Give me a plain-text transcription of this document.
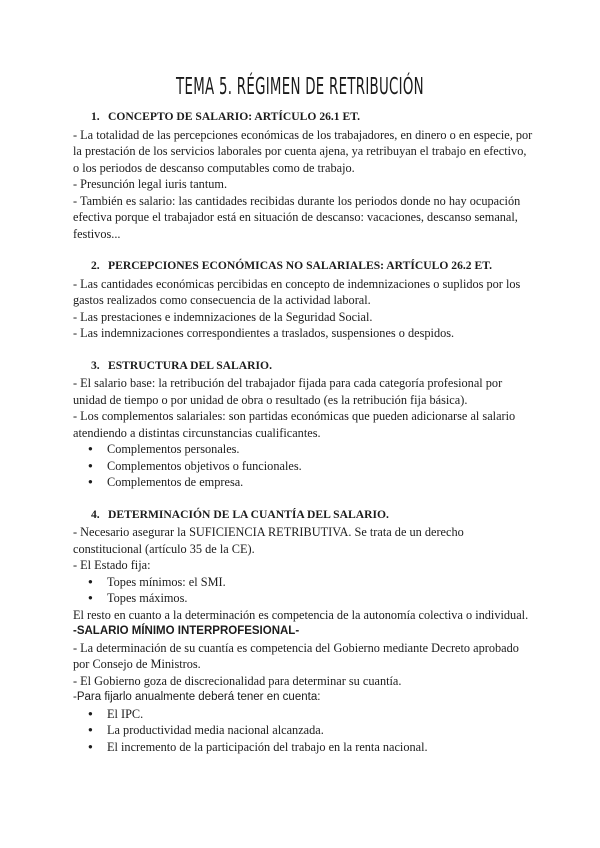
TEMA 5. RÉGIMEN DE RETRIBUCIÓN
1. CONCEPTO DE SALARIO: ARTÍCULO 26.1 ET.

- La totalidad de las percepciones económicas de los trabajadores, en dinero o en especie, por la prestación de los servicios laborales por cuenta ajena, ya retribuyan el trabajo en efectivo, o los periodos de descanso computables como de trabajo.

- Presunción legal iuris tantum.

- También es salario: las cantidades recibidas durante los periodos donde no hay ocupación efectiva porque el trabajador está en situación de descanso: vacaciones, descanso semanal, festivos...

2. PERCEPCIONES ECONÓMICAS NO SALARIALES: ARTÍCULO 26.2 ET.

- Las cantidades económicas percibidas en concepto de indemnizaciones o suplidos por los gastos realizados como consecuencia de la actividad laboral.

- Las prestaciones e indemnizaciones de la Seguridad Social.

- Las indemnizaciones correspondientes a traslados, suspensiones o despidos.

3. ESTRUCTURA DEL SALARIO.

- El salario base: la retribución del trabajador fijada para cada categoría profesional por unidad de tiempo o por unidad de obra o resultado (es la retribución fija básica).

- Los complementos salariales: son partidas económicas que pueden adicionarse al salario atendiendo a distintas circunstancias cualificantes.

● Complementos personales.
● Complementos objetivos o funcionales.
● Complementos de empresa.
4. DETERMINACIÓN DE LA CUANTÍA DEL SALARIO.

- Necesario asegurar la SUFICIENCIA RETRIBUTIVA. Se trata de un derecho constitucional (artículo 35 de la CE).

- El Estado fija:

● Topes mínimos: el SMI.
● Topes máximos.

El resto en cuanto a la determinación es competencia de la autonomía colectiva o individual.

-SALARIO MÍNIMO INTERPROFESIONAL-

- La determinación de su cuantía es competencia del Gobierno mediante Decreto aprobado por Consejo de Ministros.

- El Gobierno goza de discrecionalidad para determinar su cuantía.

-Para fijarlo anualmente deberá tener en cuenta:

● El IPC.
● La productividad media nacional alcanzada.
● El incremento de la participación del trabajo en la renta nacional.
